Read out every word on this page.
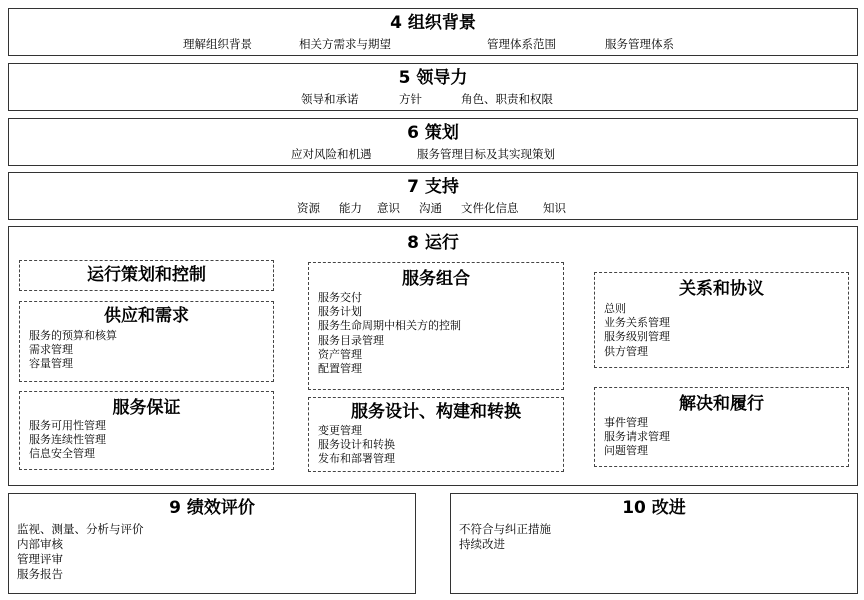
4 组织背景
理解组织背景	相关方需求与期望	管理体系范围	服务管理体系
5 领导力
领导和承诺	方针	角色、职责和权限
6 策划
应对风险和机遇	服务管理目标及其实现策划
7 支持
资源 能力 意识 沟通 文件化信息 知识
8 运行
运行策划和控制
供应和需求
服务的预算和核算
需求管理
容量管理
服务保证
服务可用性管理
服务连续性管理
信息安全管理
服务组合
服务交付
服务计划
服务生命周期中相关方的控制
服务目录管理
资产管理
配置管理
服务设计、构建和转换
变更管理
服务设计和转换
发布和部署管理
关系和协议
总则
业务关系管理
服务级别管理
供方管理
解决和履行
事件管理
服务请求管理
问题管理
9 绩效评价
监视、测量、分析与评价
内部审核
管理评审
服务报告
10 改进
不符合与纠正措施
持续改进
